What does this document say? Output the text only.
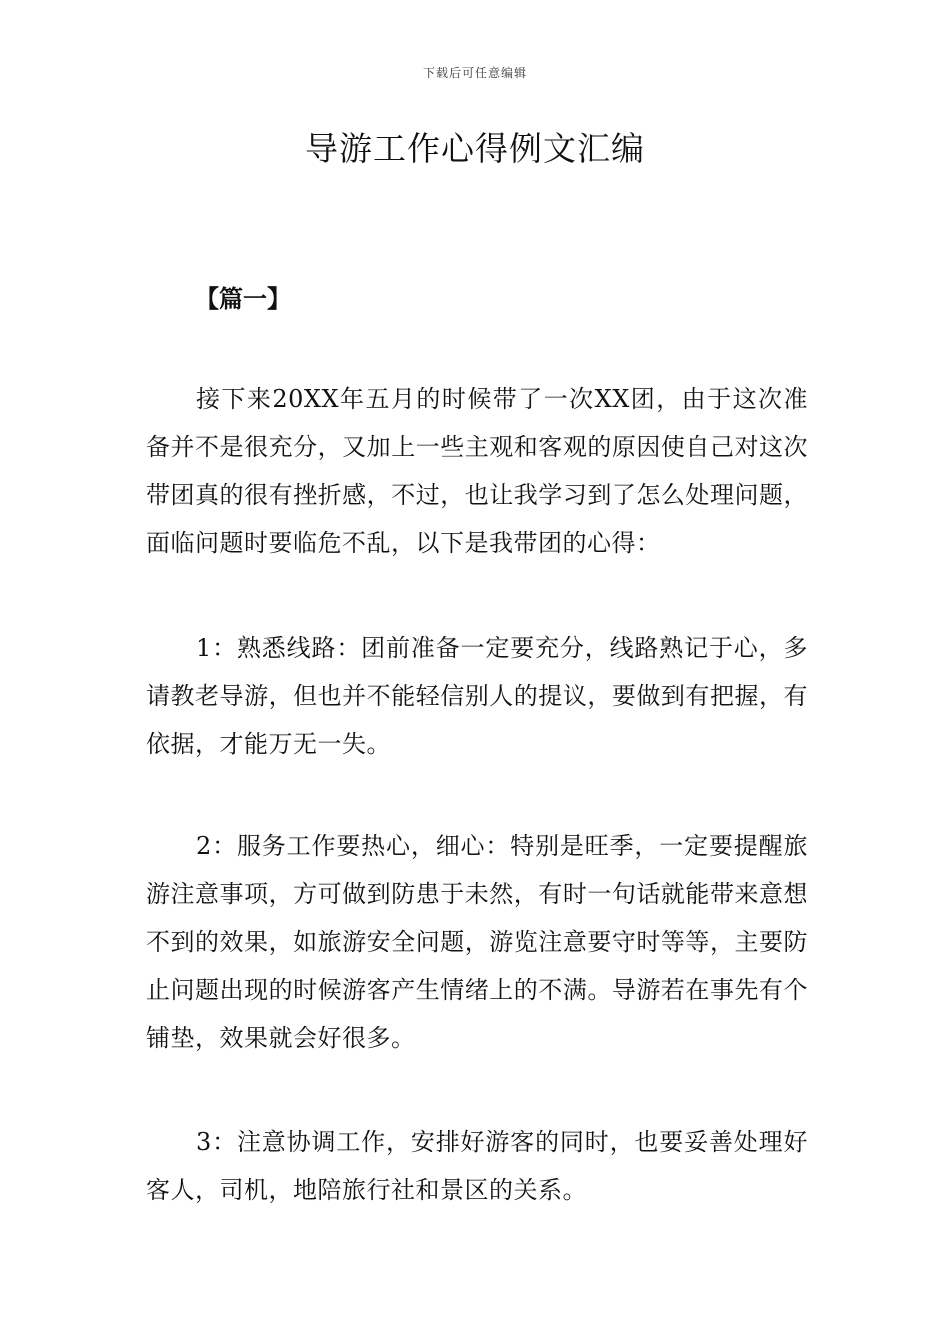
下载后可任意编辑
导游工作心得例文汇编

【篇一】

接下来20XX年五月的时候带了一次XX团，由于这次准备并不是很充分，又加上一些主观和客观的原因使自己对这次带团真的很有挫折感，不过，也让我学习到了怎么处理问题，面临问题时要临危不乱，以下是我带团的心得：

1：熟悉线路：团前准备一定要充分，线路熟记于心，多请教老导游，但也并不能轻信别人的提议，要做到有把握，有依据，才能万无一失。

2：服务工作要热心，细心：特别是旺季，一定要提醒旅游注意事项，方可做到防患于未然，有时一句话就能带来意想不到的效果，如旅游安全问题，游览注意要守时等等，主要防止问题出现的时候游客产生情绪上的不满。导游若在事先有个铺垫，效果就会好很多。

3：注意协调工作，安排好游客的同时，也要妥善处理好客人，司机，地陪旅行社和景区的关系。
